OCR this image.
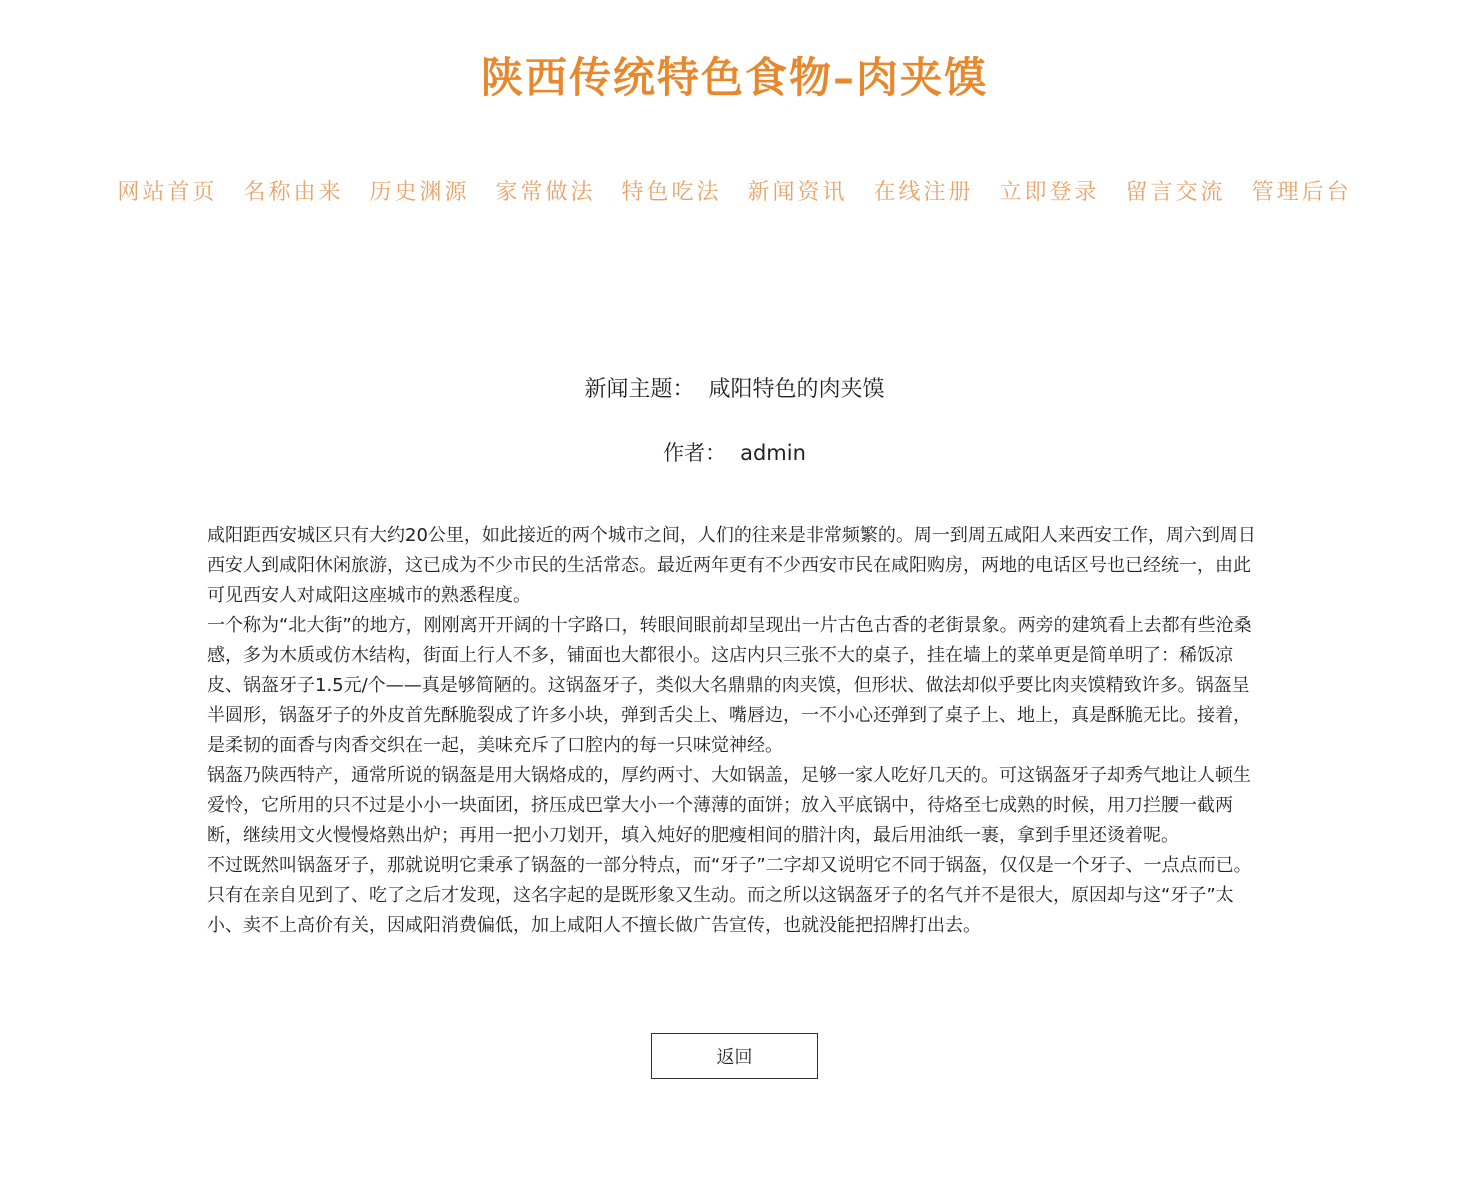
陕西传统特色食物–肉夹馍
网站首页 名称由来 历史渊源 家常做法 特色吃法 新闻资讯 在线注册 立即登录 留言交流 管理后台
新闻主题： 咸阳特色的肉夹馍
作者： admin

咸阳距西安城区只有大约20公里，如此接近的两个城市之间，人们的往来是非常频繁的。周一到周五咸阳人来西安工作，周六到周日西安人到咸阳休闲旅游，这已成为不少市民的生活常态。最近两年更有不少西安市民在咸阳购房，两地的电话区号也已经统一，由此可见西安人对咸阳这座城市的熟悉程度。

一个称为“北大街”的地方，刚刚离开开阔的十字路口，转眼间眼前却呈现出一片古色古香的老街景象。两旁的建筑看上去都有些沧桑感，多为木质或仿木结构，街面上行人不多，铺面也大都很小。这店内只三张不大的桌子，挂在墙上的菜单更是简单明了：稀饭凉皮、锅盔牙子1.5元/个——真是够简陋的。这锅盔牙子，类似大名鼎鼎的肉夹馍，但形状、做法却似乎要比肉夹馍精致许多。锅盔呈半圆形，锅盔牙子的外皮首先酥脆裂成了许多小块，弹到舌尖上、嘴唇边，一不小心还弹到了桌子上、地上，真是酥脆无比。接着，是柔韧的面香与肉香交织在一起，美味充斥了口腔内的每一只味觉神经。

锅盔乃陕西特产，通常所说的锅盔是用大锅烙成的，厚约两寸、大如锅盖，足够一家人吃好几天的。可这锅盔牙子却秀气地让人顿生爱怜，它所用的只不过是小小一块面团，挤压成巴掌大小一个薄薄的面饼；放入平底锅中，待烙至七成熟的时候，用刀拦腰一截两断，继续用文火慢慢烙熟出炉；再用一把小刀划开，填入炖好的肥瘦相间的腊汁肉，最后用油纸一裹，拿到手里还烫着呢。

不过既然叫锅盔牙子，那就说明它秉承了锅盔的一部分特点，而“牙子”二字却又说明它不同于锅盔，仅仅是一个牙子、一点点而已。只有在亲自见到了、吃了之后才发现，这名字起的是既形象又生动。而之所以这锅盔牙子的名气并不是很大，原因却与这“牙子”太小、卖不上高价有关，因咸阳消费偏低，加上咸阳人不擅长做广告宣传，也就没能把招牌打出去。

返回
